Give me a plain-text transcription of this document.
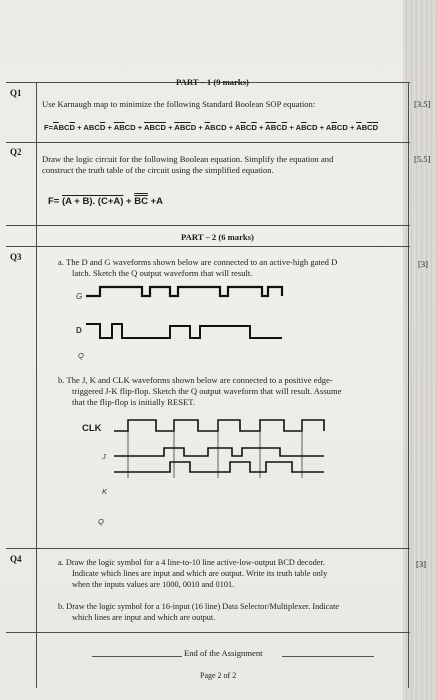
PART – 1 (9 marks)
Q1
Use Karnaugh map to minimize the following Standard Boolean SOP equation:	[3.5]
$F=\overline{A}BC\overline{D} + ABC\overline{D} + \overline{A}\overline{B}CD + \overline{A}\overline{B}\overline{C}\overline{D} + \overline{A}\overline{B}\overline{C}D + \overline{A}BCD + A\overline{B}C\overline{D} + \overline{A}\overline{B}C\overline{D} + A\overline{B}CD + A\overline{B}CD + \overline{A}B\overline{C}\overline{D}$
Q2
Draw the logic circuit for the following Boolean equation. Simplify the equation and
construct the truth table of the circuit using the simplified equation.
[5.5]
F= (A + B). (C+A) + BC +A
PART – 2 (6 marks)
Q3
[3]
a. The D and G waveforms shown below are connected to an active-high gated D
latch. Sketch the Q output waveform that will result.
G
D
Q
b. The J, K and CLK waveforms shown below are connected to a positive edge-
triggered J-K flip-flop. Sketch the Q output waveform that will result. Assume
that the flip-flop is initially RESET.
CLK
J
K
Q
Q4	[3]
a. Draw the logic symbol for a 4 line-to-10 line active-low-output BCD decoder.
Indicate which lines are input and which are output. Write its truth table only
when the inputs values are 1000, 0010 and 0101.
b. Draw the logic symbol for a 16-input (16 line) Data Selector/Multiplexer. Indicate
which lines are input and which are output.
End of the Assignment
Page 2 of 2
